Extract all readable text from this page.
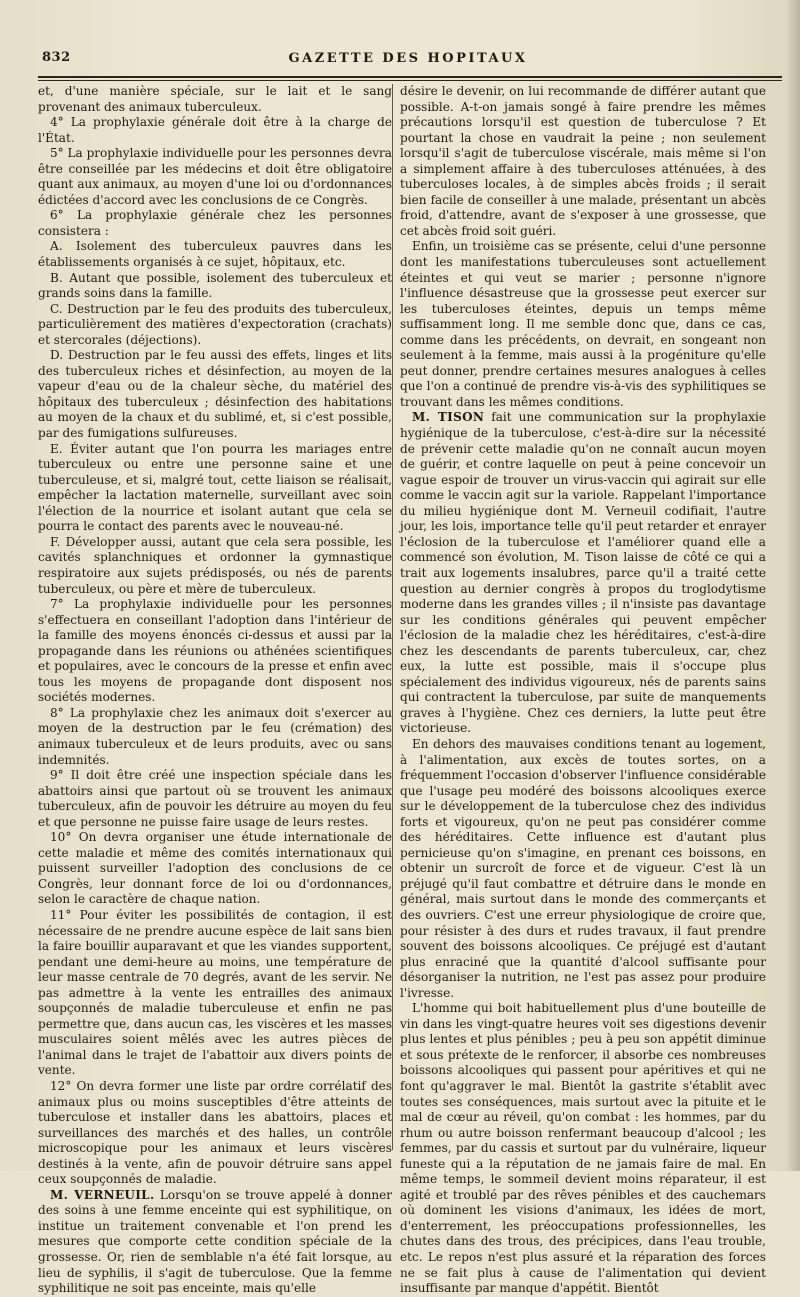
832	GAZETTE DES HOPITAUX

et, d'une manière spéciale, sur le lait et le sang provenant des animaux tuberculeux.

4° La prophylaxie générale doit être à la charge de l'État.

5° La prophylaxie individuelle pour les personnes devra être conseillée par les médecins et doit être obligatoire quant aux animaux, au moyen d'une loi ou d'ordonnances édictées d'accord avec les conclusions de ce Congrès.

6° La prophylaxie générale chez les personnes consistera :

A. Isolement des tuberculeux pauvres dans les établissements organisés à ce sujet, hôpitaux, etc.

B. Autant que possible, isolement des tuberculeux et grands soins dans la famille.

C. Destruction par le feu des produits des tuberculeux, particulièrement des matières d'expectoration (crachats) et stercorales (déjections).

D. Destruction par le feu aussi des effets, linges et lits des tuberculeux riches et désinfection, au moyen de la vapeur d'eau ou de la chaleur sèche, du matériel des hôpitaux des tuberculeux ; désinfection des habitations au moyen de la chaux et du sublimé, et, si c'est possible, par des fumigations sulfureuses.

E. Éviter autant que l'on pourra les mariages entre tuberculeux ou entre une personne saine et une tuberculeuse, et si, malgré tout, cette liaison se réalisait, empêcher la lactation maternelle, surveillant avec soin l'élection de la nourrice et isolant autant que cela se pourra le contact des parents avec le nouveau-né.

F. Développer aussi, autant que cela sera possible, les cavités splanchniques et ordonner la gymnastique respiratoire aux sujets prédisposés, ou nés de parents tuberculeux, ou père et mère de tuberculeux.

7° La prophylaxie individuelle pour les personnes s'effectuera en conseillant l'adoption dans l'intérieur de la famille des moyens énoncés ci-dessus et aussi par la propagande dans les réunions ou athénées scientifiques et populaires, avec le concours de la presse et enfin avec tous les moyens de propagande dont disposent nos sociétés modernes.

8° La prophylaxie chez les animaux doit s'exercer au moyen de la destruction par le feu (crémation) des animaux tuberculeux et de leurs produits, avec ou sans indemnités.

9° Il doit être créé une inspection spéciale dans les abattoirs ainsi que partout où se trouvent les animaux tuberculeux, afin de pouvoir les détruire au moyen du feu et que personne ne puisse faire usage de leurs restes.

10° On devra organiser une étude internationale de cette maladie et même des comités internationaux qui puissent surveiller l'adoption des conclusions de ce Congrès, leur donnant force de loi ou d'ordonnances, selon le caractère de chaque nation.

11° Pour éviter les possibilités de contagion, il est nécessaire de ne prendre aucune espèce de lait sans bien la faire bouillir auparavant et que les viandes supportent, pendant une demi-heure au moins, une température de leur masse centrale de 70 degrés, avant de les servir. Ne pas admettre à la vente les entrailles des animaux soupçonnés de maladie tuberculeuse et enfin ne pas permettre que, dans aucun cas, les viscères et les masses musculaires soient mêlés avec les autres pièces de l'animal dans le trajet de l'abattoir aux divers points de vente.

12° On devra former une liste par ordre corrélatif des animaux plus ou moins susceptibles d'être atteints de tuberculose et installer dans les abattoirs, places et surveillances des marchés et des halles, un contrôle microscopique pour les animaux et leurs viscères destinés à la vente, afin de pouvoir détruire sans appel ceux soupçonnés de maladie.

M. VERNEUIL. Lorsqu'on se trouve appelé à donner des soins à une femme enceinte qui est syphilitique, on institue un traitement convenable et l'on prend les mesures que comporte cette condition spéciale de la grossesse. Or, rien de semblable n'a été fait lorsque, au lieu de syphilis, il s'agit de tuberculose. Que la femme syphilitique ne soit pas enceinte, mais qu'elle

désire le devenir, on lui recommande de différer autant que possible. A-t-on jamais songé à faire prendre les mêmes précautions lorsqu'il est question de tuberculose ? Et pourtant la chose en vaudrait la peine ; non seulement lorsqu'il s'agit de tuberculose viscérale, mais même si l'on a simplement affaire à des tuberculoses atténuées, à des tuberculoses locales, à de simples abcès froids ; il serait bien facile de conseiller à une malade, présentant un abcès froid, d'attendre, avant de s'exposer à une grossesse, que cet abcès froid soit guéri.

Enfin, un troisième cas se présente, celui d'une personne dont les manifestations tuberculeuses sont actuellement éteintes et qui veut se marier ; personne n'ignore l'influence désastreuse que la grossesse peut exercer sur les tuberculoses éteintes, depuis un temps même suffisamment long. Il me semble donc que, dans ce cas, comme dans les précédents, on devrait, en songeant non seulement à la femme, mais aussi à la progéniture qu'elle peut donner, prendre certaines mesures analogues à celles que l'on a continué de prendre vis-à-vis des syphilitiques se trouvant dans les mêmes conditions.

M. TISON fait une communication sur la prophylaxie hygiénique de la tuberculose, c'est-à-dire sur la nécessité de prévenir cette maladie qu'on ne connaît aucun moyen de guérir, et contre laquelle on peut à peine concevoir un vague espoir de trouver un virus-vaccin qui agirait sur elle comme le vaccin agit sur la variole. Rappelant l'importance du milieu hygiénique dont M. Verneuil codifiait, l'autre jour, les lois, importance telle qu'il peut retarder et enrayer l'éclosion de la tuberculose et l'améliorer quand elle a commencé son évolution, M. Tison laisse de côté ce qui a trait aux logements insalubres, parce qu'il a traité cette question au dernier congrès à propos du troglodytisme moderne dans les grandes villes ; il n'insiste pas davantage sur les conditions générales qui peuvent empêcher l'éclosion de la maladie chez les héréditaires, c'est-à-dire chez les descendants de parents tuberculeux, car, chez eux, la lutte est possible, mais il s'occupe plus spécialement des individus vigoureux, nés de parents sains qui contractent la tuberculose, par suite de manquements graves à l'hygiène. Chez ces derniers, la lutte peut être victorieuse.

En dehors des mauvaises conditions tenant au logement, à l'alimentation, aux excès de toutes sortes, on a fréquemment l'occasion d'observer l'influence considérable que l'usage peu modéré des boissons alcooliques exerce sur le développement de la tuberculose chez des individus forts et vigoureux, qu'on ne peut pas considérer comme des héréditaires. Cette influence est d'autant plus pernicieuse qu'on s'imagine, en prenant ces boissons, en obtenir un surcroît de force et de vigueur. C'est là un préjugé qu'il faut combattre et détruire dans le monde en général, mais surtout dans le monde des commerçants et des ouvriers. C'est une erreur physiologique de croire que, pour résister à des durs et rudes travaux, il faut prendre souvent des boissons alcooliques. Ce préjugé est d'autant plus enraciné que la quantité d'alcool suffisante pour désorganiser la nutrition, ne l'est pas assez pour produire l'ivresse.

L'homme qui boit habituellement plus d'une bouteille de vin dans les vingt-quatre heures voit ses digestions devenir plus lentes et plus pénibles ; peu à peu son appétit diminue et sous prétexte de le renforcer, il absorbe ces nombreuses boissons alcooliques qui passent pour apéritives et qui ne font qu'aggraver le mal. Bientôt la gastrite s'établit avec toutes ses conséquences, mais surtout avec la pituite et le mal de cœur au réveil, qu'on combat : les hommes, par du rhum ou autre boisson renfermant beaucoup d'alcool ; les femmes, par du cassis et surtout par du vulnéraire, liqueur funeste qui a la réputation de ne jamais faire de mal. En même temps, le sommeil devient moins réparateur, il est agité et troublé par des rêves pénibles et des cauchemars où dominent les visions d'animaux, les idées de mort, d'enterrement, les préoccupations professionnelles, les chutes dans des trous, des précipices, dans l'eau trouble, etc. Le repos n'est plus assuré et la réparation des forces ne se fait plus à cause de l'alimentation qui devient insuffisante par manque d'appétit. Bientôt
